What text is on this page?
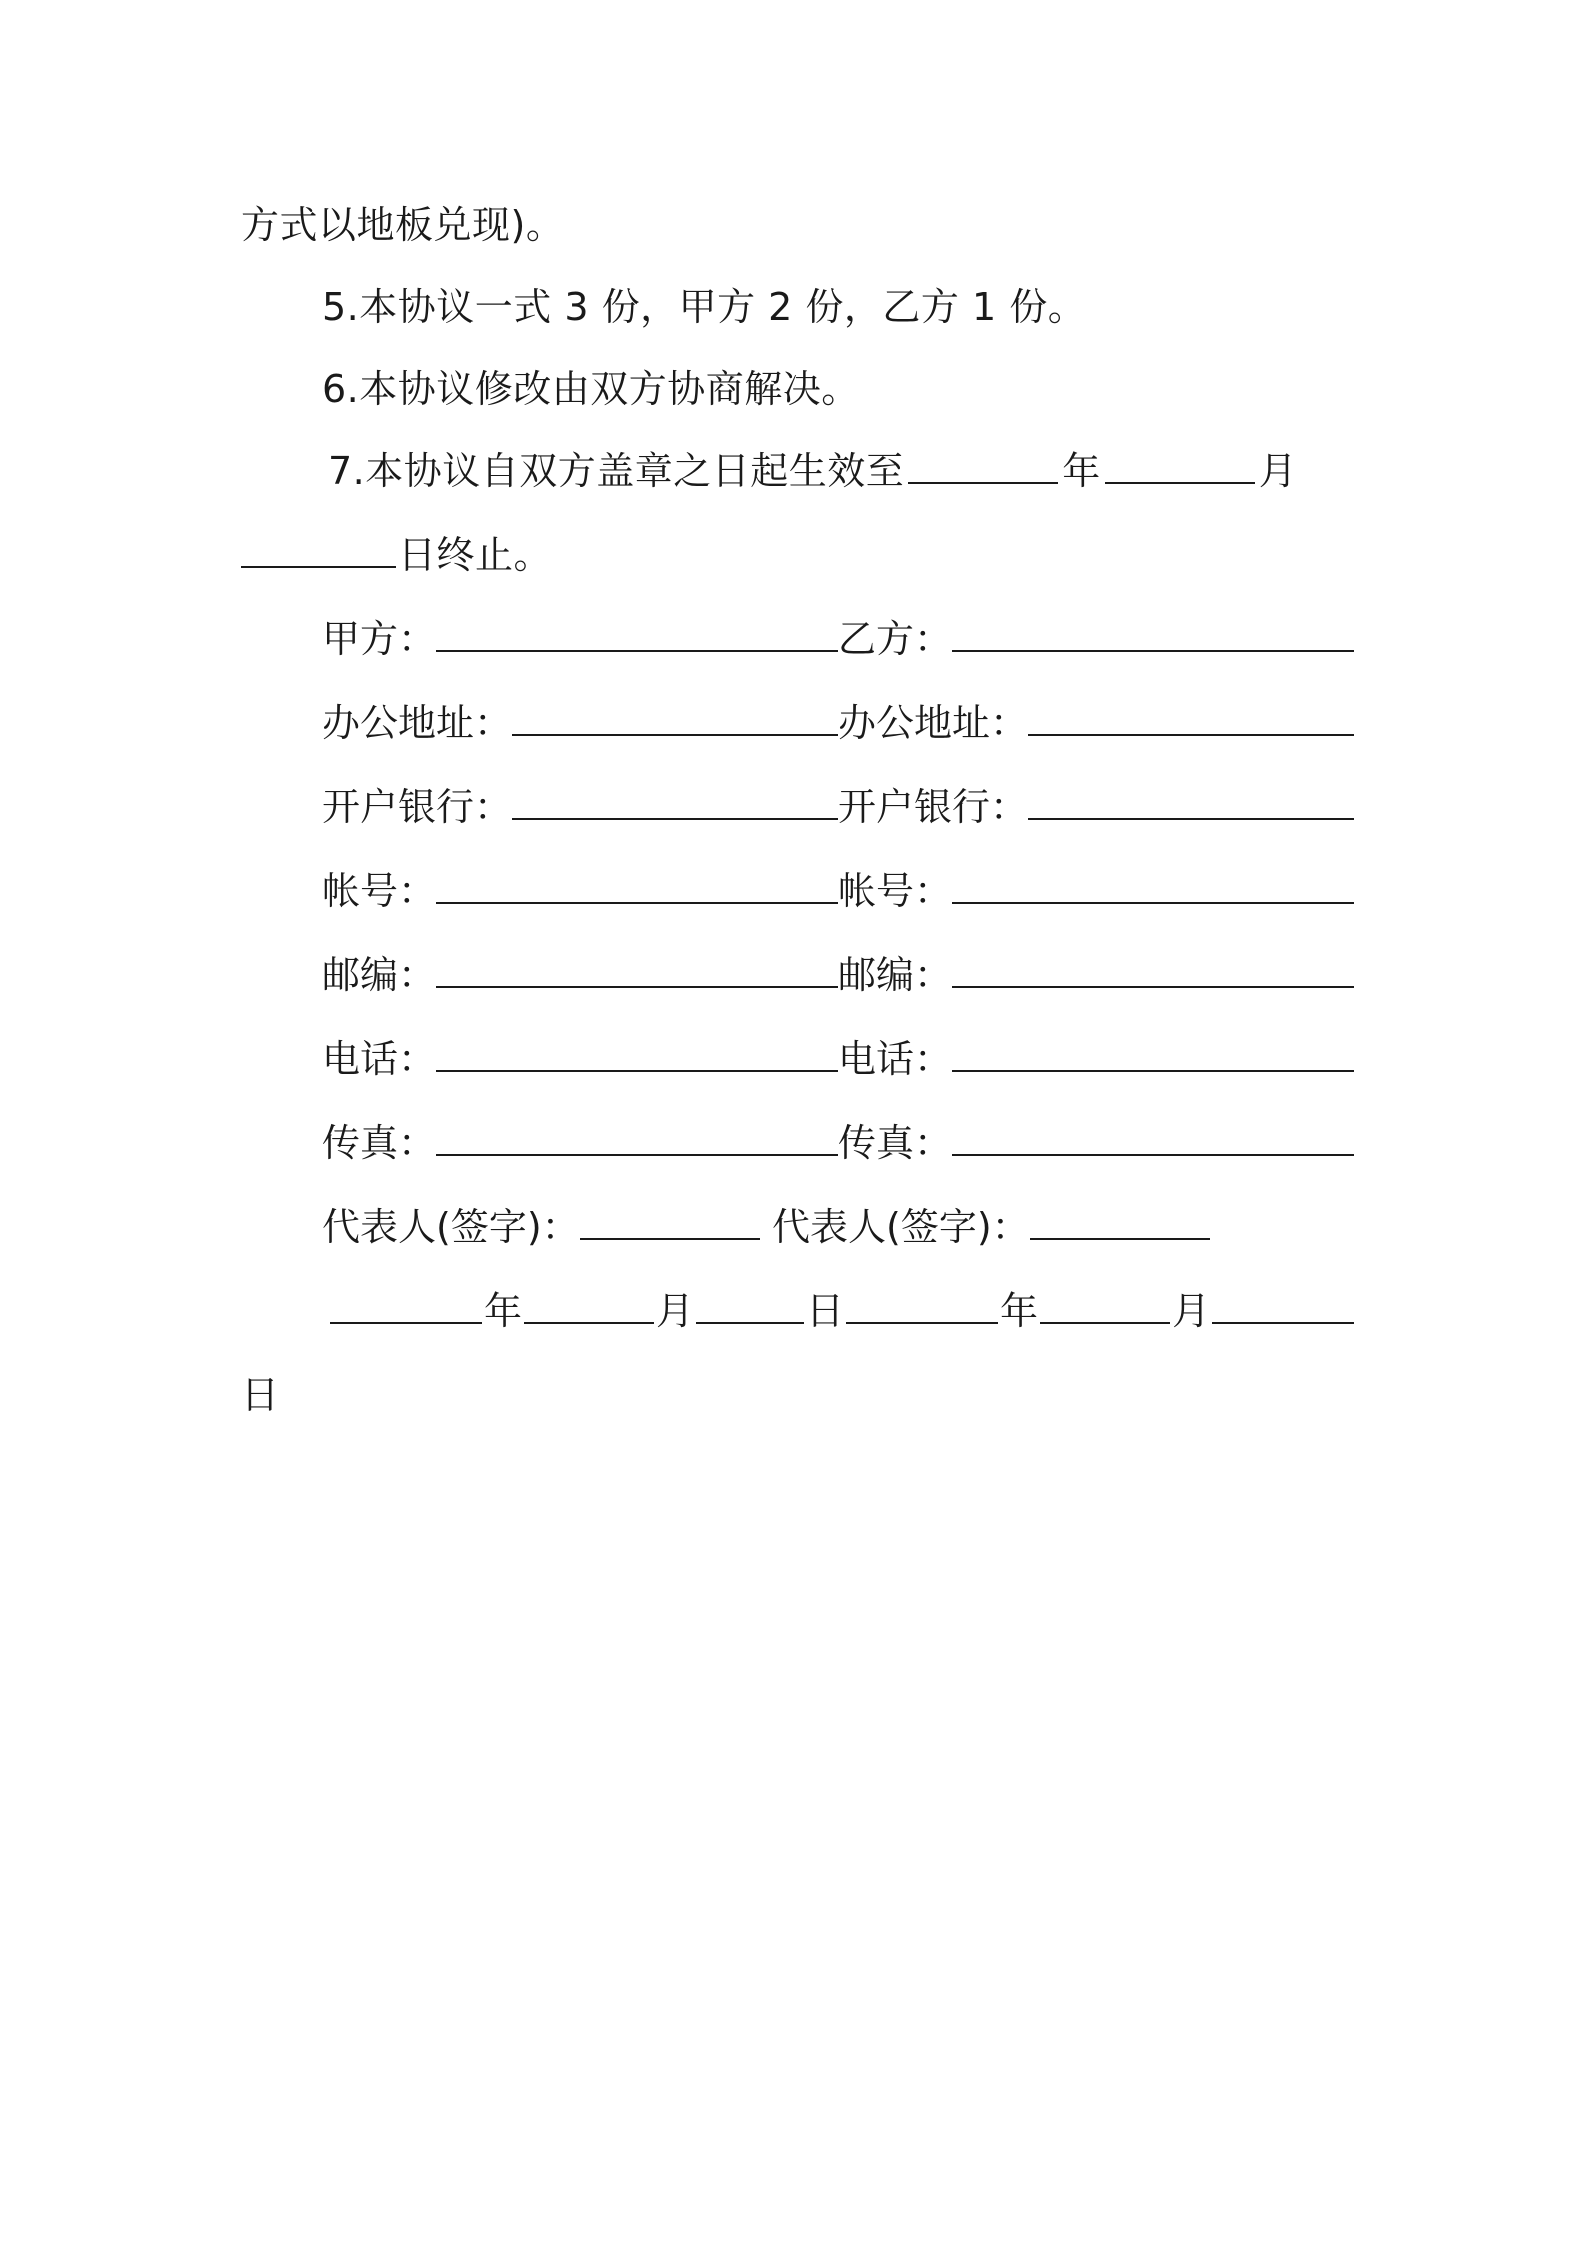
方式以地板兑现)。

5.本协议一式 3 份，甲方 2 份，乙方 1 份。

6.本协议修改由双方协商解决。

7.本协议自双方盖章之日起生效至	年	月
日终止。
甲方：	乙方：
办公地址：	办公地址：
开户银行：	开户银行：
帐号：	帐号：
邮编：	邮编：
电话：	电话：
传真：	传真：
代表人(签字)：	代表人(签字)：
年	月	日	年	月

日
